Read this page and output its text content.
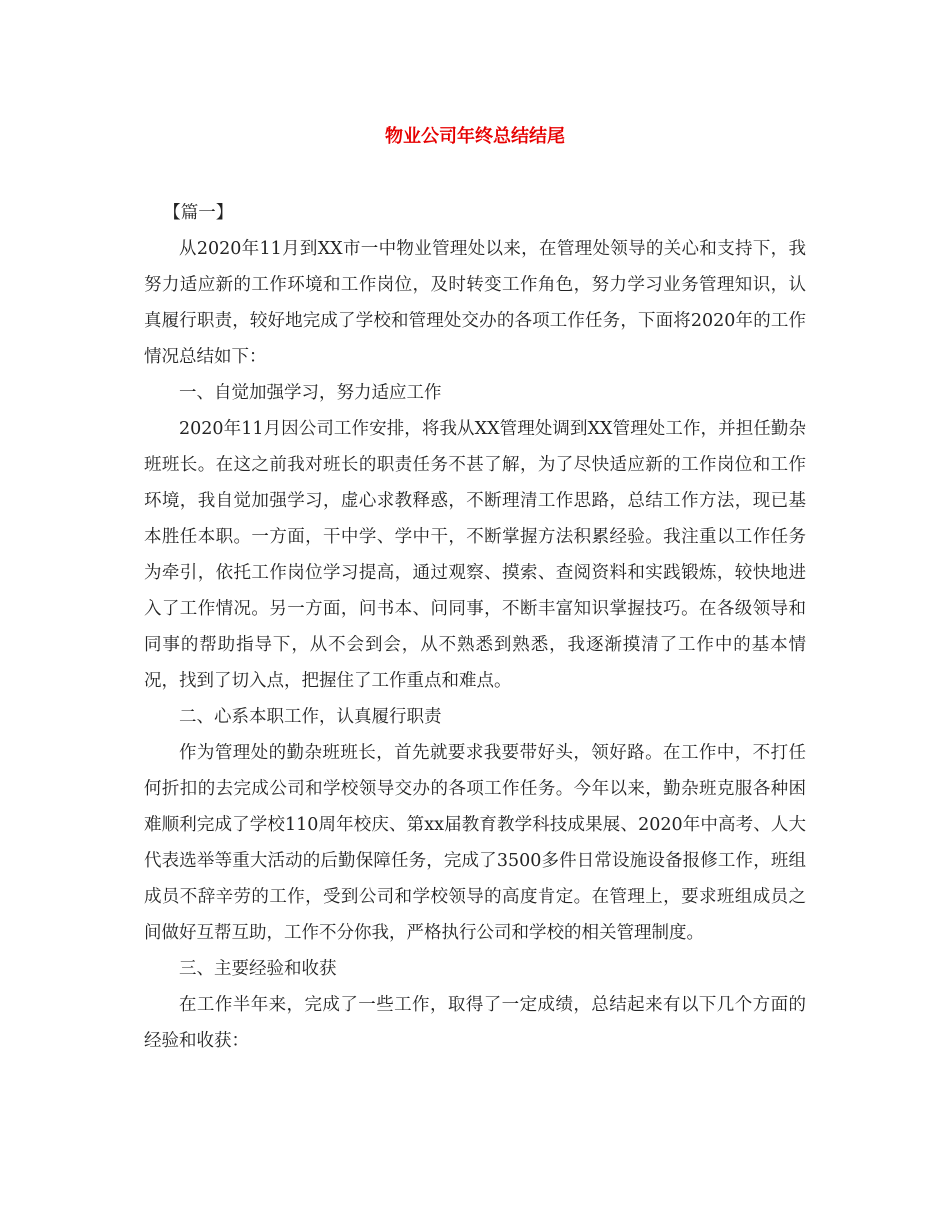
物业公司年终总结结尾

【篇一】

从2020年11月到XX市一中物业管理处以来，在管理处领导的关心和支持下，我努力适应新的工作环境和工作岗位，及时转变工作角色，努力学习业务管理知识，认真履行职责，较好地完成了学校和管理处交办的各项工作任务，下面将2020年的工作情况总结如下：

一、自觉加强学习，努力适应工作

2020年11月因公司工作安排，将我从XX管理处调到XX管理处工作，并担任勤杂班班长。在这之前我对班长的职责任务不甚了解，为了尽快适应新的工作岗位和工作环境，我自觉加强学习，虚心求教释惑，不断理清工作思路，总结工作方法，现已基本胜任本职。一方面，干中学、学中干，不断掌握方法积累经验。我注重以工作任务为牵引，依托工作岗位学习提高，通过观察、摸索、查阅资料和实践锻炼，较快地进入了工作情况。另一方面，问书本、问同事，不断丰富知识掌握技巧。在各级领导和同事的帮助指导下，从不会到会，从不熟悉到熟悉，我逐渐摸清了工作中的基本情况，找到了切入点，把握住了工作重点和难点。

二、心系本职工作，认真履行职责

作为管理处的勤杂班班长，首先就要求我要带好头，领好路。在工作中，不打任何折扣的去完成公司和学校领导交办的各项工作任务。今年以来，勤杂班克服各种困难顺利完成了学校110周年校庆、第xx届教育教学科技成果展、2020年中高考、人大代表选举等重大活动的后勤保障任务，完成了3500多件日常设施设备报修工作，班组成员不辞辛劳的工作，受到公司和学校领导的高度肯定。在管理上，要求班组成员之间做好互帮互助，工作不分你我，严格执行公司和学校的相关管理制度。

三、主要经验和收获

在工作半年来，完成了一些工作，取得了一定成绩，总结起来有以下几个方面的经验和收获：
